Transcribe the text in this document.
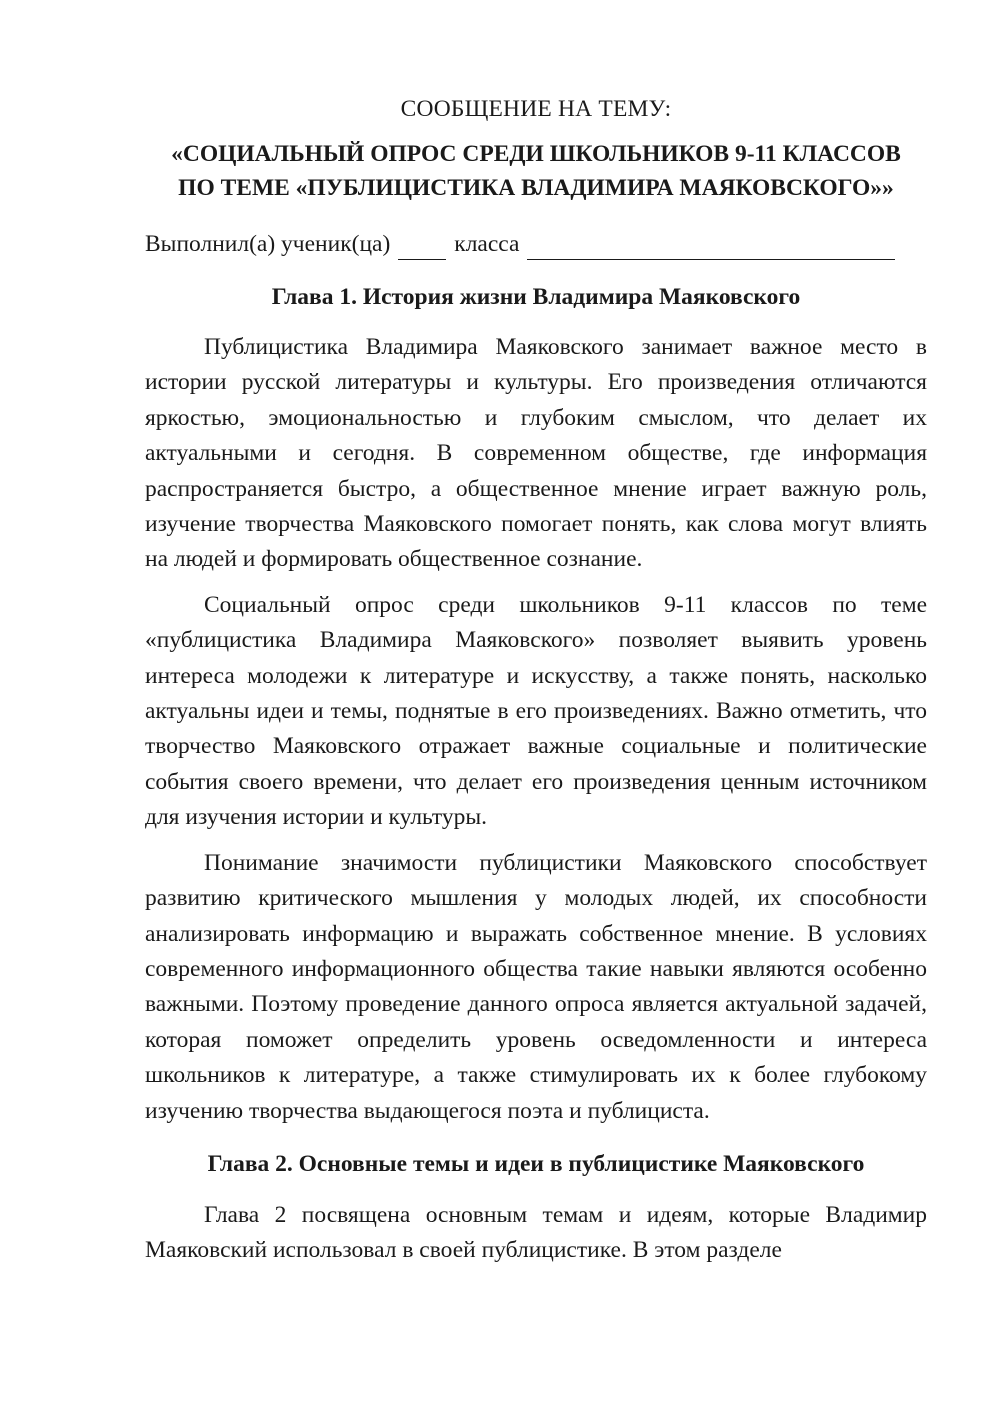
СООБЩЕНИЕ НА ТЕМУ:
«СОЦИАЛЬНЫЙ ОПРОС СРЕДИ ШКОЛЬНИКОВ 9-11 КЛАССОВ
ПО ТЕМЕ «ПУБЛИЦИСТИКА ВЛАДИМИРА МАЯКОВСКОГО»»
Выполнил(а) ученик(ца)	класса
Глава 1. История жизни Владимира Маяковского

Публицистика Владимира Маяковского занимает важное место в истории русской литературы и культуры. Его произведения отличаются яркостью, эмоциональностью и глубоким смыслом, что делает их актуальными и сегодня. В современном обществе, где информация распространяется быстро, а общественное мнение играет важную роль, изучение творчества Маяковского помогает понять, как слова могут влиять на людей и формировать общественное сознание.

Социальный опрос среди школьников 9-11 классов по теме «публицистика Владимира Маяковского» позволяет выявить уровень интереса молодежи к литературе и искусству, а также понять, насколько актуальны идеи и темы, поднятые в его произведениях. Важно отметить, что творчество Маяковского отражает важные социальные и политические события своего времени, что делает его произведения ценным источником для изучения истории и культуры.

Понимание значимости публицистики Маяковского способствует развитию критического мышления у молодых людей, их способности анализировать информацию и выражать собственное мнение. В условиях современного информационного общества такие навыки являются особенно важными. Поэтому проведение данного опроса является актуальной задачей, которая поможет определить уровень осведомленности и интереса школьников к литературе, а также стимулировать их к более глубокому изучению творчества выдающегося поэта и публициста.

Глава 2. Основные темы и идеи в публицистике Маяковского

Глава 2 посвящена основным темам и идеям, которые Владимир Маяковский использовал в своей публицистике. В этом разделе
